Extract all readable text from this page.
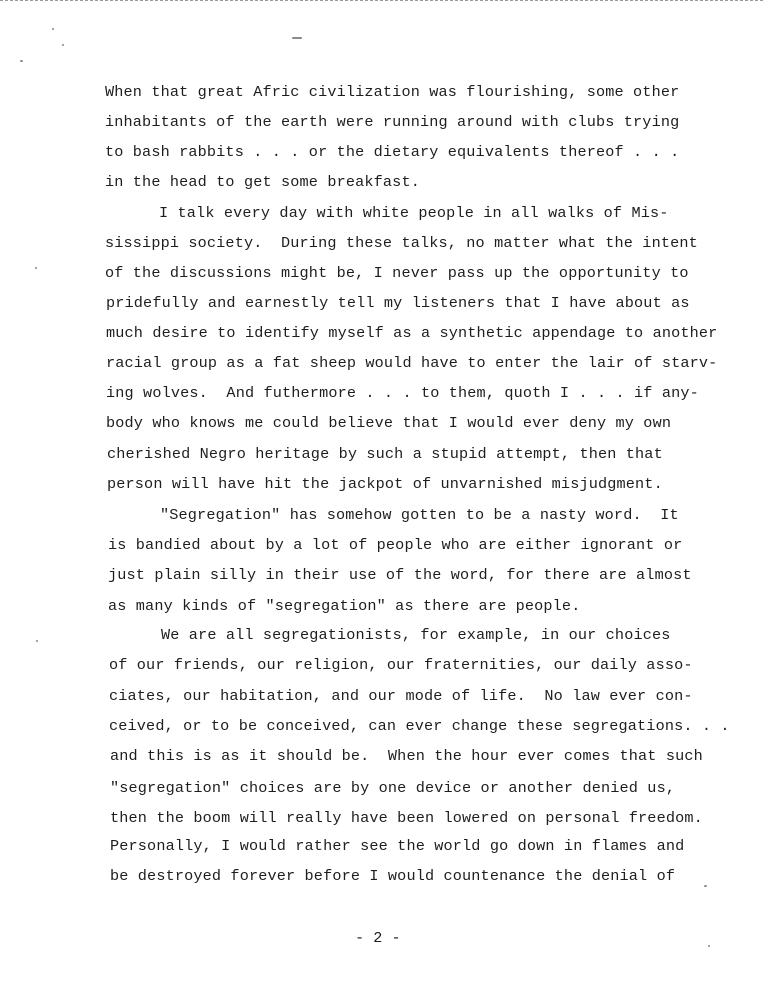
When that great Afric civilization was flourishing, some other
inhabitants of the earth were running around with clubs trying
to bash rabbits . . . or the dietary equivalents thereof . . .
in the head to get some breakfast.
I talk every day with white people in all walks of Mis-
sissippi society.  During these talks, no matter what the intent
of the discussions might be, I never pass up the opportunity to
pridefully and earnestly tell my listeners that I have about as
much desire to identify myself as a synthetic appendage to another
racial group as a fat sheep would have to enter the lair of starv-
ing wolves.  And futhermore . . . to them, quoth I . . . if any-
body who knows me could believe that I would ever deny my own
cherished Negro heritage by such a stupid attempt, then that
person will have hit the jackpot of unvarnished misjudgment.
"Segregation" has somehow gotten to be a nasty word.  It
is bandied about by a lot of people who are either ignorant or
just plain silly in their use of the word, for there are almost
as many kinds of "segregation" as there are people.
We are all segregationists, for example, in our choices
of our friends, our religion, our fraternities, our daily asso-
ciates, our habitation, and our mode of life.  No law ever con-
ceived, or to be conceived, can ever change these segregations. . .
and this is as it should be.  When the hour ever comes that such
"segregation" choices are by one device or another denied us,
then the boom will really have been lowered on personal freedom.
Personally, I would rather see the world go down in flames and
be destroyed forever before I would countenance the denial of
- 2 -
